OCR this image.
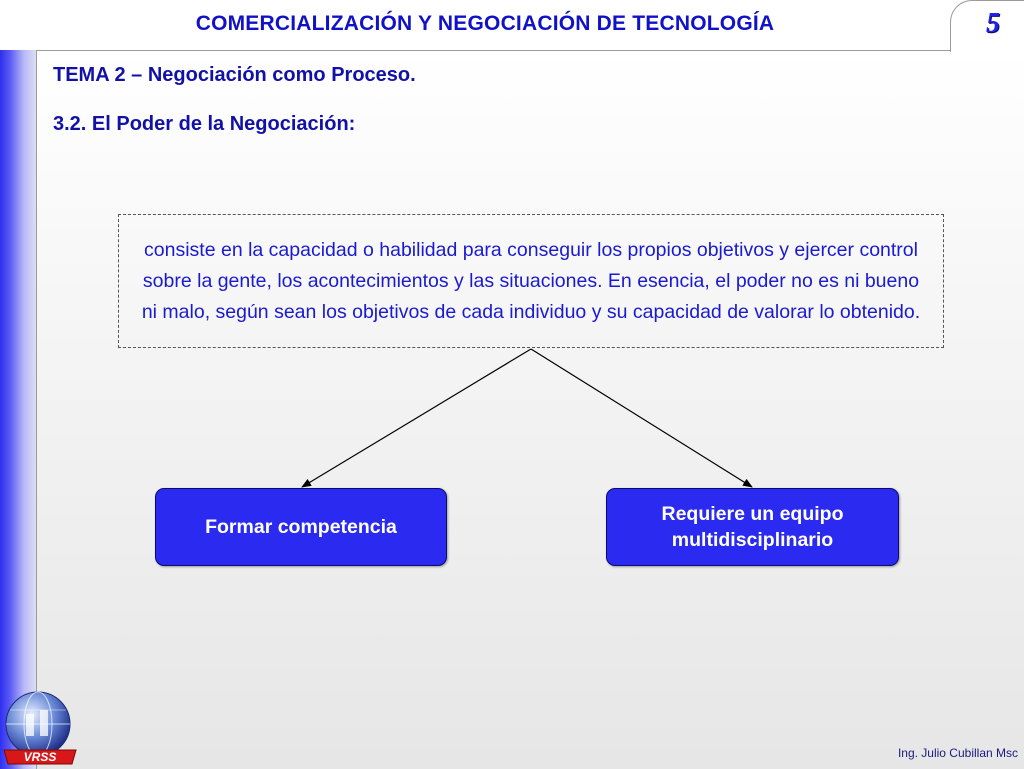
COMERCIALIZACIÓN Y NEGOCIACIÓN DE TECNOLOGÍA	5
TEMA 2 – Negociación como Proceso.
3.2. El Poder de la Negociación:

consiste en la capacidad o habilidad para conseguir los propios objetivos y ejercer control sobre la gente, los acontecimientos y las situaciones. En esencia, el poder no es ni bueno ni malo, según sean los objetivos de cada individuo y su capacidad de valorar lo obtenido.

Formar competencia
Requiere un equipo multidisciplinario
VRSS	Ing. Julio Cubillan Msc
